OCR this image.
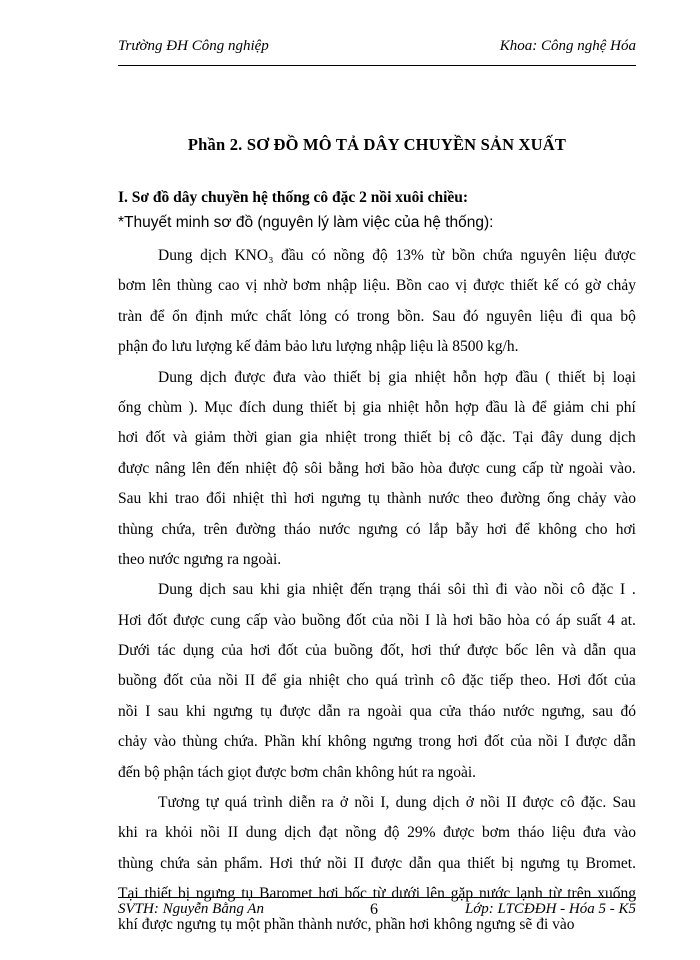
Trường ĐH Công nghiệp	Khoa: Công nghệ Hóa
Phần 2. SƠ ĐỒ MÔ TẢ DÂY CHUYỀN SẢN XUẤT
I. Sơ đồ dây chuyền hệ thống cô đặc 2 nồi xuôi chiều:
*Thuyết minh sơ đồ (nguyên lý làm việc của hệ thống):
Dung dịch KNO₃ đầu có nồng độ 13% từ bồn chứa nguyên liệu được
bơm lên thùng cao vị nhờ bơm nhập liệu. Bồn cao vị được thiết kế có gờ chảy
tràn để ổn định mức chất lỏng có trong bồn. Sau đó nguyên liệu đi qua bộ
phận đo lưu lượng kế đảm bảo lưu lượng nhập liệu là 8500 kg/h.
Dung dịch được đưa vào thiết bị gia nhiệt hỗn hợp đầu ( thiết bị loại
ống chùm ). Mục đích dung thiết bị gia nhiệt hỗn hợp đầu là để giảm chi phí
hơi đốt và giảm thời gian gia nhiệt trong thiết bị cô đặc. Tại đây dung dịch
được nâng lên đến nhiệt độ sôi bằng hơi bão hòa được cung cấp từ ngoài vào.
Sau khi trao đổi nhiệt thì hơi ngưng tụ thành nước theo đường ống chảy vào
thùng chứa, trên đường tháo nước ngưng có lắp bẫy hơi để không cho hơi
theo nước ngưng ra ngoài.
Dung dịch sau khi gia nhiệt đến trạng thái sôi thì đi vào nồi cô đặc I .
Hơi đốt được cung cấp vào buồng đốt của nồi I là hơi bão hòa có áp suất 4 at.
Dưới tác dụng của hơi đốt của buồng đốt, hơi thứ được bốc lên và dẫn qua
buồng đốt của nồi II để gia nhiệt cho quá trình cô đặc tiếp theo. Hơi đốt của
nồi I sau khi ngưng tụ được dẫn ra ngoài qua cửa tháo nước ngưng, sau đó
chảy vào thùng chứa. Phần khí không ngưng trong hơi đốt của nồi I được dẫn
đến bộ phận tách giọt được bơm chân không hút ra ngoài.
Tương tự quá trình diễn ra ở nồi I, dung dịch ở nồi II được cô đặc. Sau
khi ra khỏi nồi II dung dịch đạt nồng độ 29% được bơm tháo liệu đưa vào
thùng chứa sản phẩm. Hơi thứ nồi II được dẫn qua thiết bị ngưng tụ Bromet.
Tại thiết bị ngưng tụ Baromet hơi bốc từ dưới lên gặp nước lạnh từ trên xuống
khí được ngưng tụ một phần thành nước, phần hơi không ngưng sẽ đi vào
SVTH: Nguyễn Bằng An	6	Lớp: LTCĐĐH - Hóa 5 - K5
